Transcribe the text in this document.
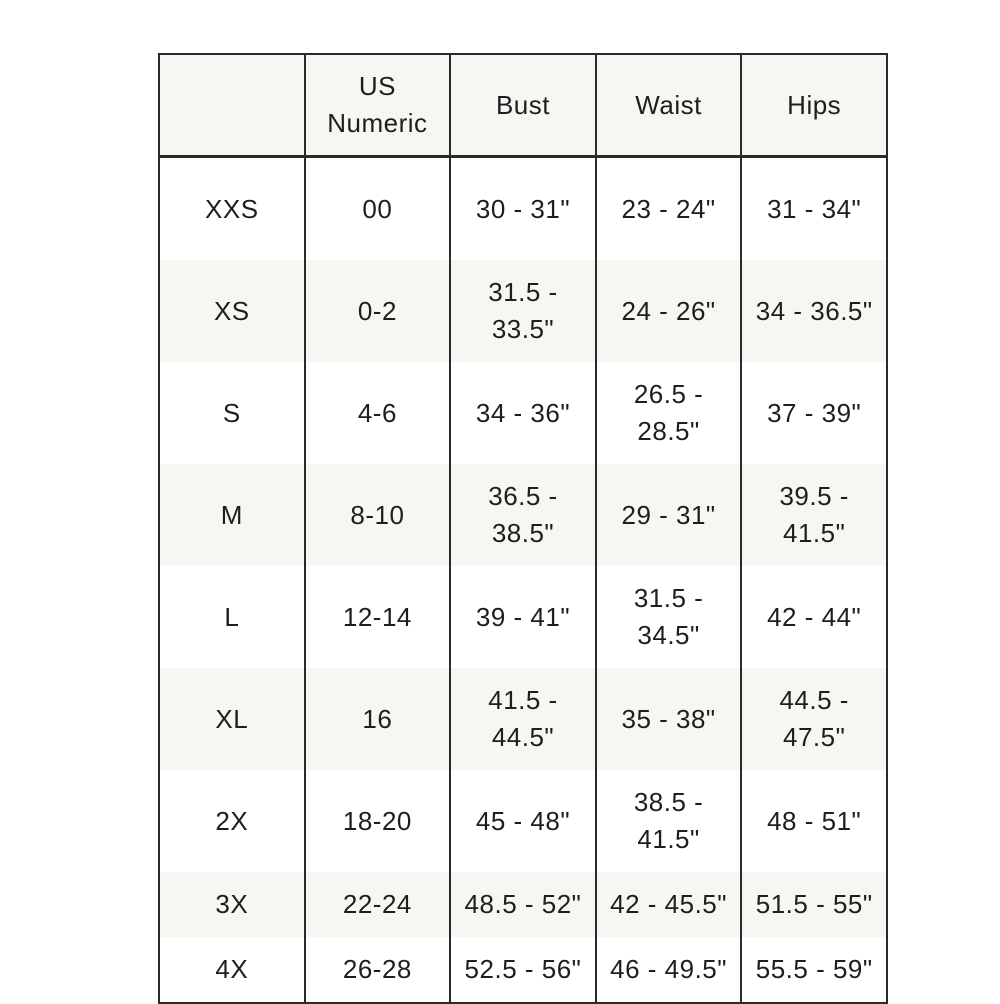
	US
Numeric	Bust	Waist	Hips
XXS	00	30 - 31"	23 - 24"	31 - 34"
XS	0-2	31.5 -
33.5"	24 - 26"	34 - 36.5"
S	4-6	34 - 36"	26.5 -
28.5"	37 - 39"
M	8-10	36.5 -
38.5"	29 - 31"	39.5 -
41.5"
L	12-14	39 - 41"	31.5 -
34.5"	42 - 44"
XL	16	41.5 -
44.5"	35 - 38"	44.5 -
47.5"
2X	18-20	45 - 48"	38.5 -
41.5"	48 - 51"
3X	22-24	48.5 - 52"	42 - 45.5"	51.5 - 55"
4X	26-28	52.5 - 56"	46 - 49.5"	55.5 - 59"
